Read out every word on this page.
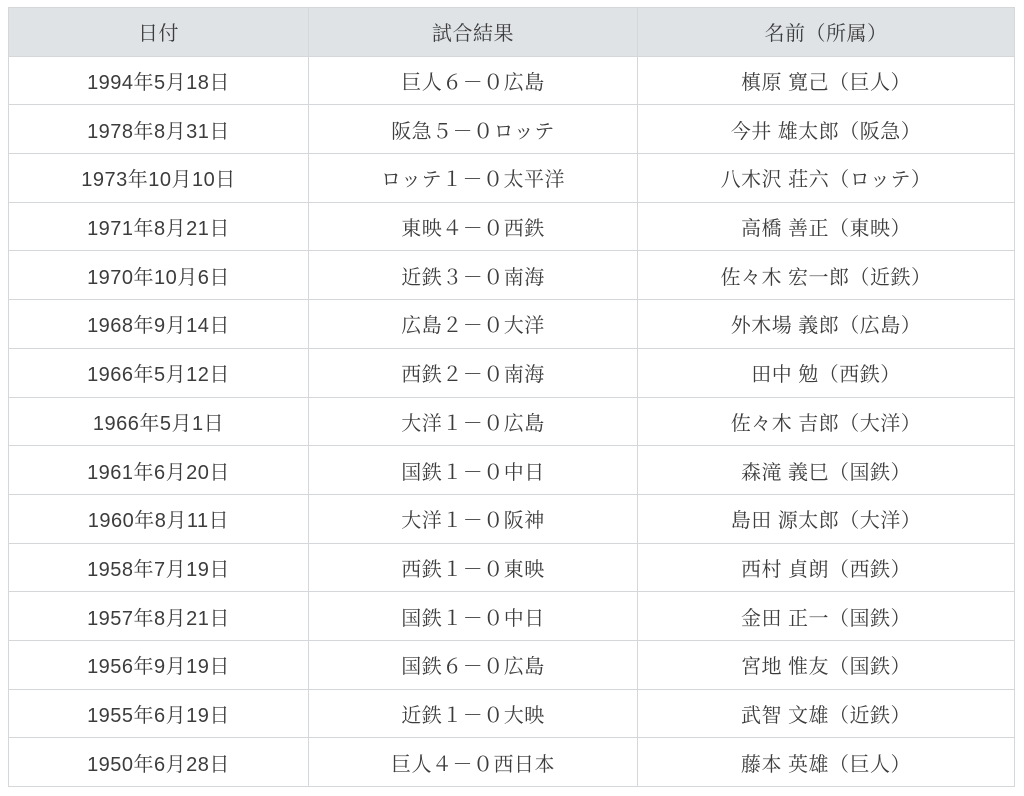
日付	試合結果	名前（所属）
1994年5月18日	巨人６－０広島	槙原 寛己（巨人）
1978年8月31日	阪急５－０ロッテ	今井 雄太郎（阪急）
1973年10月10日	ロッテ１－０太平洋	八木沢 荘六（ロッテ）
1971年8月21日	東映４－０西鉄	高橋 善正（東映）
1970年10月6日	近鉄３－０南海	佐々木 宏一郎（近鉄）
1968年9月14日	広島２－０大洋	外木場 義郎（広島）
1966年5月12日	西鉄２－０南海	田中 勉（西鉄）
1966年5月1日	大洋１－０広島	佐々木 吉郎（大洋）
1961年6月20日	国鉄１－０中日	森滝 義巳（国鉄）
1960年8月11日	大洋１－０阪神	島田 源太郎（大洋）
1958年7月19日	西鉄１－０東映	西村 貞朗（西鉄）
1957年8月21日	国鉄１－０中日	金田 正一（国鉄）
1956年9月19日	国鉄６－０広島	宮地 惟友（国鉄）
1955年6月19日	近鉄１－０大映	武智 文雄（近鉄）
1950年6月28日	巨人４－０西日本	藤本 英雄（巨人）
